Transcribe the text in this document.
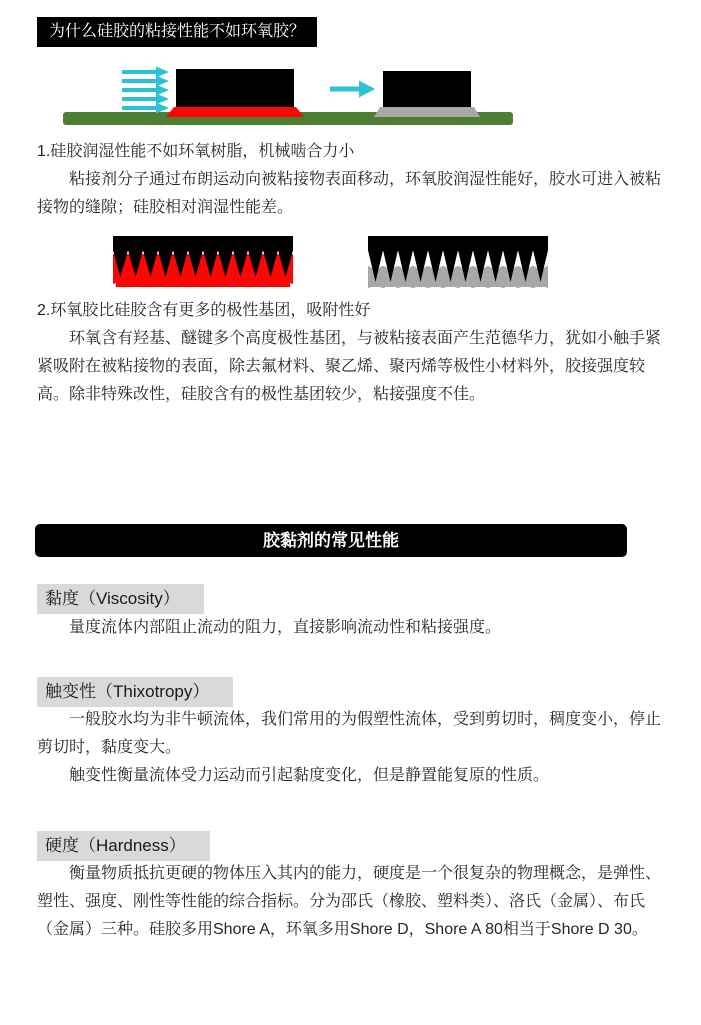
为什么硅胶的粘接性能不如环氧胶？

1.硅胶润湿性能不如环氧树脂，机械啮合力小

粘接剂分子通过布朗运动向被粘接物表面移动，环氧胶润湿性能好，胶水可进入被粘接物的缝隙；硅胶相对润湿性能差。

2.环氧胶比硅胶含有更多的极性基团，吸附性好

环氧含有羟基、醚键多个高度极性基团，与被粘接表面产生范德华力，犹如小触手紧紧吸附在被粘接物的表面，除去氟材料、聚乙烯、聚丙烯等极性小材料外，胶接强度较高。除非特殊改性，硅胶含有的极性基团较少，粘接强度不佳。

胶黏剂的常见性能
黏度（Viscosity）

量度流体内部阻止流动的阻力，直接影响流动性和粘接强度。

触变性（Thixotropy）

一般胶水均为非牛顿流体，我们常用的为假塑性流体，受到剪切时，稠度变小，停止剪切时，黏度变大。

触变性衡量流体受力运动而引起黏度变化，但是静置能复原的性质。

硬度（Hardness）

衡量物质抵抗更硬的物体压入其内的能力，硬度是一个很复杂的物理概念，是弹性、塑性、强度、刚性等性能的综合指标。分为邵氏（橡胶、塑料类）、洛氏（金属）、布氏（金属）三种。硅胶多用Shore A，环氧多用Shore D，Shore A 80相当于Shore D 30。
